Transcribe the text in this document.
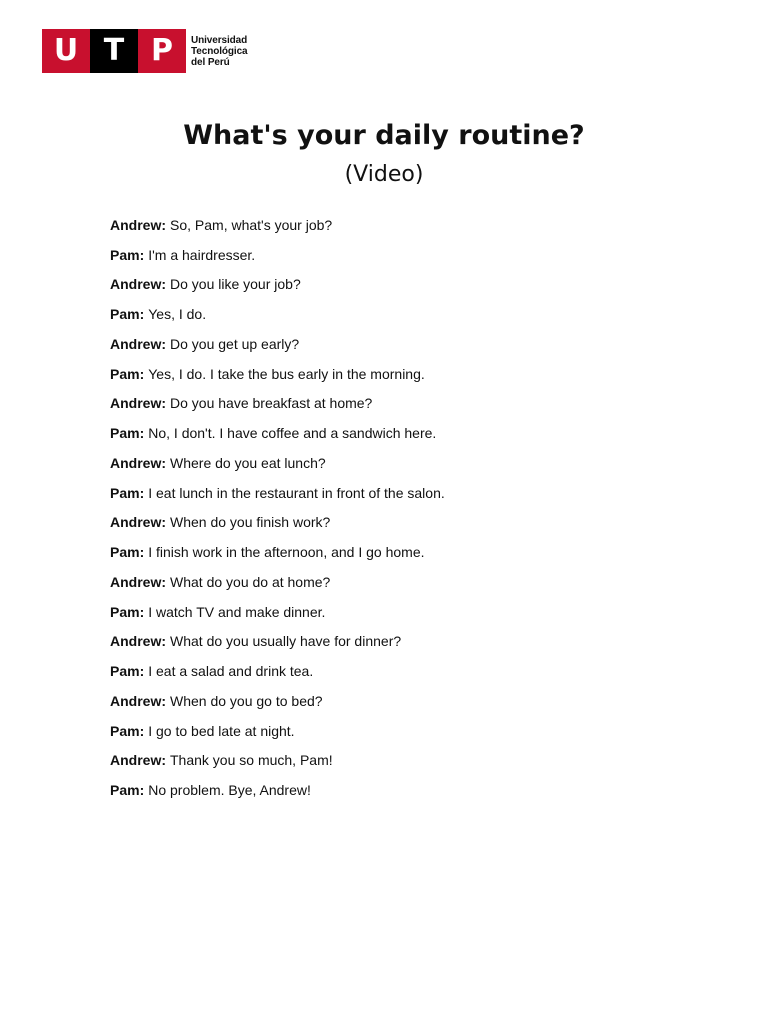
U T P	Universidad
Tecnológica
del Perú
What's your daily routine?
(Video)
Andrew: So, Pam, what's your job?
Pam: I'm a hairdresser.
Andrew: Do you like your job?
Pam: Yes, I do.
Andrew: Do you get up early?
Pam: Yes, I do. I take the bus early in the morning.
Andrew: Do you have breakfast at home?
Pam: No, I don't. I have coffee and a sandwich here.
Andrew: Where do you eat lunch?
Pam: I eat lunch in the restaurant in front of the salon.
Andrew: When do you finish work?
Pam: I finish work in the afternoon, and I go home.
Andrew: What do you do at home?
Pam: I watch TV and make dinner.
Andrew: What do you usually have for dinner?
Pam: I eat a salad and drink tea.
Andrew: When do you go to bed?
Pam: I go to bed late at night.
Andrew: Thank you so much, Pam!
Pam: No problem. Bye, Andrew!
